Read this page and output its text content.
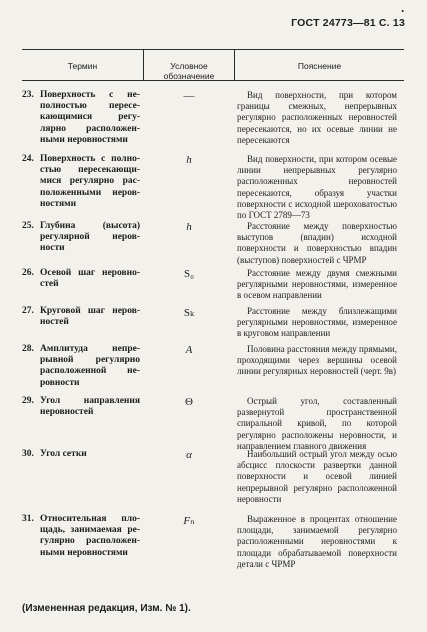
•
ГОСТ 24773—81 С. 13
Термин	Условное обозначение
Пояснение
23. Поверхность с не-полностью пересе-кающимися регу-лярно расположен-ными неровностями
—	Вид поверхности, при котором границы смежных, непрерывных регулярно расположенных неровностей пересекаются, но их осевые линии не пересекаются
24. Поверхность с полно-стью пересекающи-мися регулярно рас-положенными неров-ностями
h	Вид поверхности, при котором осевые линии непрерывных регулярно расположенных неровностей пересекаются, образуя участки поверхности с исходной шероховатостью по ГОСТ 2789—73
25. Глубина (высота) регулярной неров-ности
h	Расстояние между поверхностью выступов (впадин) исходной поверхности и поверхностью впадин (выступов) поверхностей с ЧРМР
26. Осевой шаг неровно-стей
S₀	Расстояние между двумя смежными регулярными неровностями, измеренное в осевом направлении
27. Круговой шаг неров-ностей
Sₖ	Расстояние между близлежащими регулярными неровностями, измеренное в круговом направлении
28. Амплитуда непре-рывной регулярно расположенной не-ровности
A	Половина расстояния между прямыми, проходящими через вершины осевой линии регулярных неровностей (черт. 9в)
29. Угол направления неровностей
Θ	Острый угол, составленный развернутой пространственной спиральной кривой, по которой регулярно расположены неровности, и направлением главного движения
30. Угол сетки	α	Наибольший острый угол между осью абсцисс плоскости развертки данной поверхности и осевой линией непрерывной регулярно расположенной неровности
31. Относительная пло-щадь, занимаемая ре-гулярно расположен-ными неровностями
Fₙ	Выраженное в процентах отношение площади, занимаемой регулярно расположенными неровностями к площади обрабатываемой поверхности детали с ЧРМР
(Измененная редакция, Изм. № 1).
